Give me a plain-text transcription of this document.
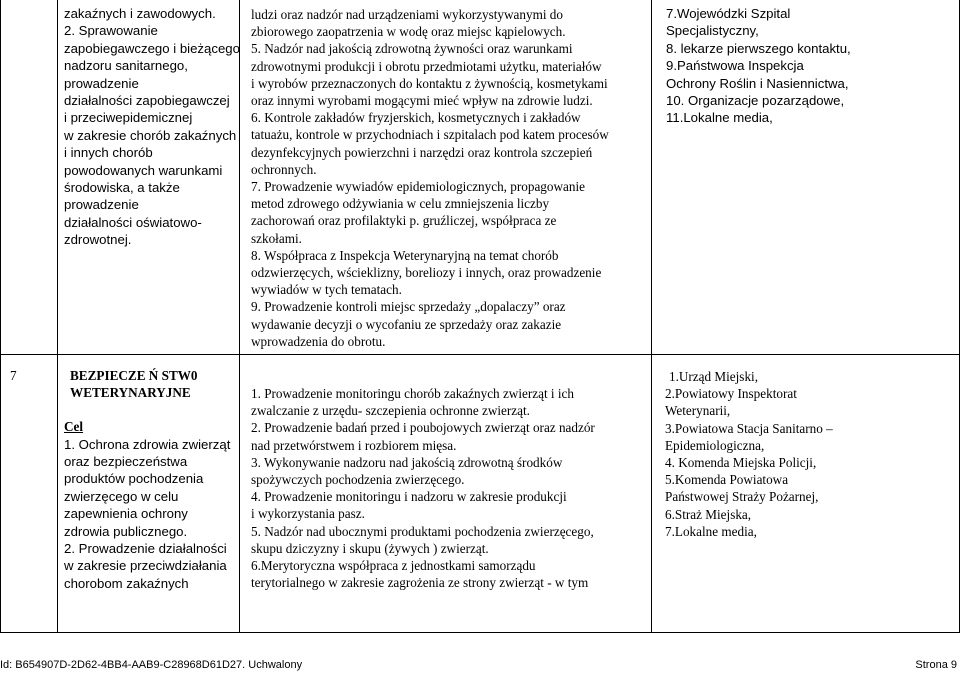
zakaźnych i zawodowych.
2. Sprawowanie
zapobiegawczego i bieżącego
nadzoru sanitarnego,
prowadzenie
działalności zapobiegawczej
i przeciwepidemicznej
w zakresie chorób zakaźnych
i innych chorób
powodowanych warunkami
środowiska, a także
prowadzenie
działalności oświatowo-
zdrowotnej.
ludzi oraz nadzór nad urządzeniami wykorzystywanymi do
zbiorowego zaopatrzenia w wodę oraz miejsc kąpielowych.
5. Nadzór nad jakością zdrowotną żywności oraz warunkami
zdrowotnymi produkcji i obrotu przedmiotami użytku, materiałów
i wyrobów przeznaczonych do kontaktu z żywnością, kosmetykami
oraz innymi wyrobami mogącymi mieć wpływ na zdrowie ludzi.
6. Kontrole zakładów fryzjerskich, kosmetycznych i zakładów
tatuażu, kontrole w przychodniach i szpitalach pod katem procesów
dezynfekcyjnych powierzchni i narzędzi oraz kontrola szczepień
ochronnych.
7. Prowadzenie wywiadów epidemiologicznych, propagowanie
metod zdrowego odżywiania w celu zmniejszenia liczby
zachorowań oraz profilaktyki p. gruźliczej, współpraca ze
szkołami.
8. Współpraca z Inspekcja Weterynaryjną na temat chorób
odzwierzęcych, wścieklizny, boreliozy i innych, oraz prowadzenie
wywiadów w tych tematach.
9. Prowadzenie kontroli miejsc sprzedaży „dopalaczy” oraz
wydawanie decyzji o wycofaniu ze sprzedaży oraz zakazie
wprowadzenia do obrotu.
7.Wojewódzki Szpital
Specjalistyczny,
8. lekarze pierwszego kontaktu,
9.Państwowa Inspekcja
Ochrony Roślin i Nasiennictwa,
10. Organizacje pozarządowe,
11.Lokalne media,
7	BEZPIECZE Ń STW0
WETERYNARYJNE
Cel
1. Ochrona zdrowia zwierząt
oraz bezpieczeństwa
produktów pochodzenia
zwierzęcego w celu
zapewnienia ochrony
zdrowia publicznego.
2. Prowadzenie działalności
w zakresie przeciwdziałania
chorobom zakaźnych
1. Prowadzenie monitoringu chorób zakaźnych zwierząt i ich
zwalczanie z urzędu- szczepienia ochronne zwierząt.
2. Prowadzenie badań przed i poubojowych zwierząt oraz nadzór
nad przetwórstwem i rozbiorem mięsa.
3. Wykonywanie nadzoru nad jakością zdrowotną środków
spożywczych pochodzenia zwierzęcego.
4. Prowadzenie monitoringu i nadzoru w zakresie produkcji
i wykorzystania pasz.
5. Nadzór nad ubocznymi produktami pochodzenia zwierzęcego,
skupu dziczyzny i skupu (żywych ) zwierząt.
6.Merytoryczna współpraca z jednostkami samorządu
terytorialnego w zakresie zagrożenia ze strony zwierząt - w tym
1.Urząd Miejski,
2.Powiatowy Inspektorat
Weterynarii,
3.Powiatowa Stacja Sanitarno –
Epidemiologiczna,
4. Komenda Miejska Policji,
5.Komenda Powiatowa
Państwowej Straży Pożarnej,
6.Straż Miejska,
7.Lokalne media,
Id: B654907D-2D62-4BB4-AAB9-C28968D61D27. Uchwalony	Strona 9
